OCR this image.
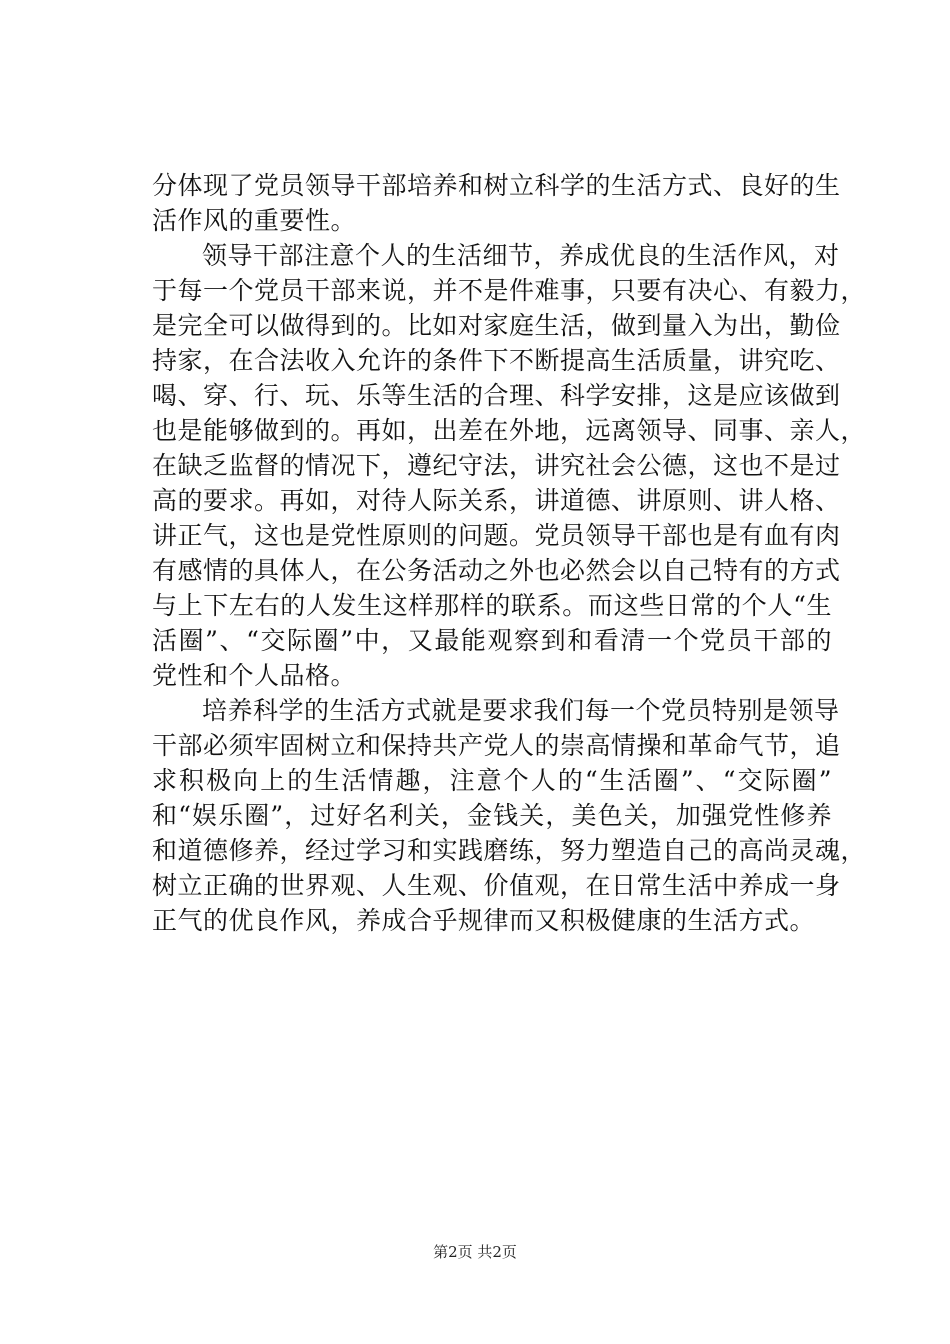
分体现了党员领导干部培养和树立科学的生活方式、良好的生
活作风的重要性。
领导干部注意个人的生活细节，养成优良的生活作风，对
于每一个党员干部来说，并不是件难事，只要有决心、有毅力，
是完全可以做得到的。比如对家庭生活，做到量入为出，勤俭
持家，在合法收入允许的条件下不断提高生活质量，讲究吃、
喝、穿、行、玩、乐等生活的合理、科学安排，这是应该做到
也是能够做到的。再如，出差在外地，远离领导、同事、亲人，
在缺乏监督的情况下，遵纪守法，讲究社会公德，这也不是过
高的要求。再如，对待人际关系，讲道德、讲原则、讲人格、
讲正气，这也是党性原则的问题。党员领导干部也是有血有肉
有感情的具体人，在公务活动之外也必然会以自己特有的方式
与上下左右的人发生这样那样的联系。而这些日常的个人“生
活圈”、“交际圈”中，又最能观察到和看清一个党员干部的
党性和个人品格。
培养科学的生活方式就是要求我们每一个党员特别是领导
干部必须牢固树立和保持共产党人的崇高情操和革命气节，追
求积极向上的生活情趣，注意个人的“生活圈”、“交际圈”
和“娱乐圈”，过好名利关，金钱关，美色关，加强党性修养
和道德修养，经过学习和实践磨练，努力塑造自己的高尚灵魂，
树立正确的世界观、人生观、价值观，在日常生活中养成一身
正气的优良作风，养成合乎规律而又积极健康的生活方式。
第2页 共2页
